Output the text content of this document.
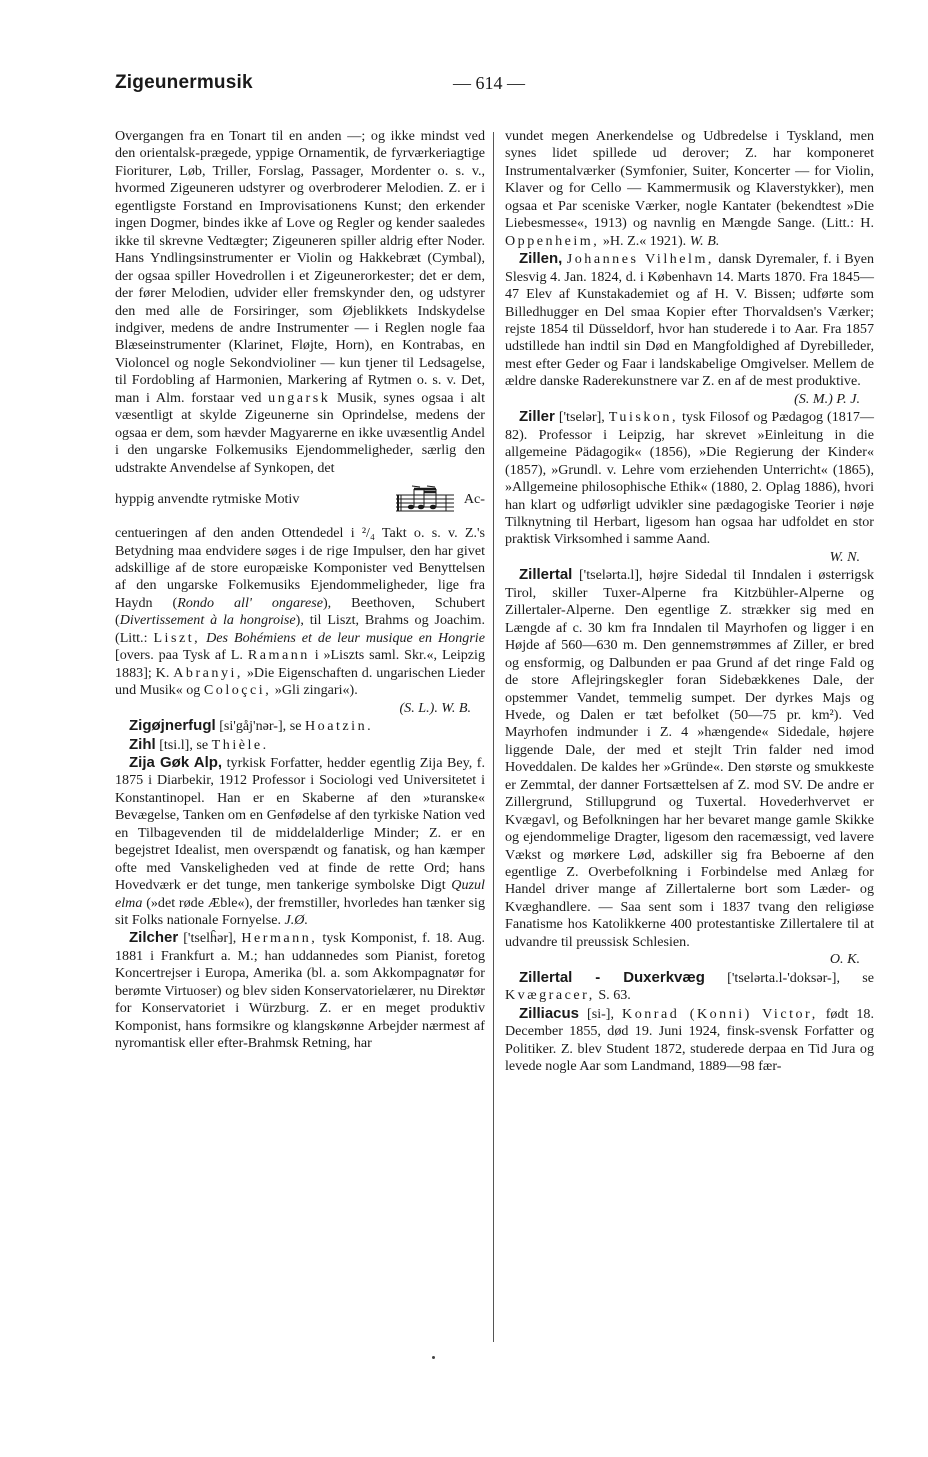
Zigeunermusik	— 614 —

Overgangen fra en Tonart til en anden —; og ikke mindst ved den orientalsk-prægede, yppige Ornamentik, de fyrværkeriagtige Fioriturer, Løb, Triller, Forslag, Passager, Mordenter o. s. v., hvormed Zigeuneren udstyrer og overbroderer Melodien. Z. er i egentligste Forstand en Improvisationens Kunst; den erkender ingen Dogmer, bindes ikke af Love og Regler og kender saaledes ikke til skrevne Vedtægter; Zigeuneren spiller aldrig efter Noder. Hans Yndlingsinstrumenter er Violin og Hakkebræt (Cymbal), der ogsaa spiller Hovedrollen i et Zigeunerorkester; det er dem, der fører Melodien, udvider eller fremskynder den, og udstyrer den med alle de Forsiringer, som Øjeblikkets Indskydelse indgiver, medens de andre Instrumenter — i Reglen nogle faa Blæseinstrumenter (Klarinet, Fløjte, Horn), en Kontrabas, en Violoncel og nogle Sekondvioliner — kun tjener til Ledsagelse, til Fordobling af Harmonien, Markering af Rytmen o. s. v. Det, man i Alm. forstaar ved ungarsk Musik, synes ogsaa i alt væsentligt at skylde Zigeunerne sin Oprindelse, medens der ogsaa er dem, som hævder Magyarerne en ikke uvæsentlig Andel i den ungarske Folkemusiks Ejendommeligheder, særlig den udstrakte Anvendelse af Synkopen, det

hyppig anvendte rytmiske Motiv	Ac-

centueringen af den anden Ottendedel i ²/₄ Takt o. s. v. Z.'s Betydning maa endvidere søges i de rige Impulser, den har givet adskillige af de store europæiske Komponister ved Benyttelsen af den ungarske Folkemusiks Ejendommeligheder, lige fra Haydn (Rondo all' ongarese), Beethoven, Schubert (Divertissement à la hongroise), til Liszt, Brahms og Joachim. (Litt.: Liszt, Des Bohémiens et de leur musique en Hongrie [overs. paa Tysk af L. Ramann i »Liszts saml. Skr.«, Leipzig 1883]; K. Abranyi, »Die Eigenschaften d. ungarischen Lieder und Musik« og Coloçci, »Gli zingari«).

(S. L.). W. B.

Zigøjnerfugl [si'gåj'nər-], se Hoatzin.

Zihl [tsi.l], se Thièle.

Zija Gøk Alp, tyrkisk Forfatter, hedder egentlig Zija Bey, f. 1875 i Diarbekir, 1912 Professor i Sociologi ved Universitetet i Konstantinopel. Han er en Skaberne af den »turanske« Bevægelse, Tanken om en Genfødelse af den tyrkiske Nation ved en Tilbagevenden til de middelalderlige Minder; Z. er en begejstret Idealist, men overspændt og fanatisk, og han kæmper ofte med Vanskeligheden ved at finde de rette Ord; hans Hovedværk er det tunge, men tankerige symbolske Digt Quzul elma (»det røde Æble«), der fremstiller, hvorledes han tænker sig sit Folks nationale Fornyelse. J.Ø.

Zilcher ['tselĥər], Hermann, tysk Komponist, f. 18. Aug. 1881 i Frankfurt a. M.; han uddannedes som Pianist, foretog Koncertrejser i Europa, Amerika (bl. a. som Akkompagnatør for berømte Virtuoser) og blev siden Konservatorielærer, nu Direktør for Konservatoriet i Würzburg. Z. er en meget produktiv Komponist, hans formsikre og klangskønne Arbejder nærmest af nyromantisk eller efter-Brahmsk Retning, har

vundet megen Anerkendelse og Udbredelse i Tyskland, men synes lidet spillede ud derover; Z. har komponeret Instrumentalværker (Symfonier, Suiter, Koncerter — for Violin, Klaver og for Cello — Kammermusik og Klaverstykker), men ogsaa et Par sceniske Værker, nogle Kantater (bekendtest »Die Liebesmesse«, 1913) og navnlig en Mængde Sange. (Litt.: H. Oppenheim, »H. Z.« 1921). W. B.

Zillen, Johannes Vilhelm, dansk Dyremaler, f. i Byen Slesvig 4. Jan. 1824, d. i København 14. Marts 1870. Fra 1845—47 Elev af Kunstakademiet og af H. V. Bissen; udførte som Billedhugger en Del smaa Kopier efter Thorvaldsen's Værker; rejste 1854 til Düsseldorf, hvor han studerede i to Aar. Fra 1857 udstillede han indtil sin Død en Mangfoldighed af Dyrebilleder, mest efter Geder og Faar i landskabelige Omgivelser. Mellem de ældre danske Raderekunstnere var Z. en af de mest produktive.

(S. M.) P. J.

Ziller ['tselər], Tuiskon, tysk Filosof og Pædagog (1817—82). Professor i Leipzig, har skrevet »Einleitung in die allgemeine Pädagogik« (1856), »Die Regierung der Kinder« (1857), »Grundl. v. Lehre vom erziehenden Unterricht« (1865), »Allgemeine philosophische Ethik« (1880, 2. Oplag 1886), hvori han klart og udførligt udvikler sine pædagogiske Teorier i nøje Tilknytning til Herbart, ligesom han ogsaa har udfoldet en stor praktisk Virksomhed i samme Aand.

W. N.

Zillertal ['tselərta.l], højre Sidedal til Inndalen i østerrigsk Tirol, skiller Tuxer-Alperne fra Kitzbühler-Alperne og Zillertaler-Alperne. Den egentlige Z. strækker sig med en Længde af c. 30 km fra Inndalen til Mayrhofen og ligger i en Højde af 560—630 m. Den gennemstrømmes af Ziller, er bred og ensformig, og Dalbunden er paa Grund af det ringe Fald og de store Aflejringskegler foran Sidebækkenes Dale, der opstemmer Vandet, temmelig sumpet. Der dyrkes Majs og Hvede, og Dalen er tæt befolket (50—75 pr. km²). Ved Mayrhofen indmunder i Z. 4 »hængende« Sidedale, højere liggende Dale, der med et stejlt Trin falder ned imod Hoveddalen. De kaldes her »Gründe«. Den største og smukkeste er Zemmtal, der danner Fortsættelsen af Z. mod SV. De andre er Zillergrund, Stillupgrund og Tuxertal. Hovederhvervet er Kvægavl, og Befolkningen har her bevaret mange gamle Skikke og ejendommelige Dragter, ligesom den racemæssigt, ved lavere Vækst og mørkere Lød, adskiller sig fra Beboerne af den egentlige Z. Overbefolkning i Forbindelse med Anlæg for Handel driver mange af Zillertalerne bort som Læder- og Kvæghandlere. — Saa sent som i 1837 tvang den religiøse Fanatisme hos Katolikkerne 400 protestantiske Zillertalere til at udvandre til preussisk Schlesien.

O. K.

Zillertal - Duxerkvæg ['tselərta.l-'doksər-], se Kvægracer, S. 63.

Zilliacus [si-], Konrad (Konni) Victor, født 18. December 1855, død 19. Juni 1924, finsk-svensk Forfatter og Politiker. Z. blev Student 1872, studerede derpaa en Tid Jura og levede nogle Aar som Landmand, 1889—98 fær-
